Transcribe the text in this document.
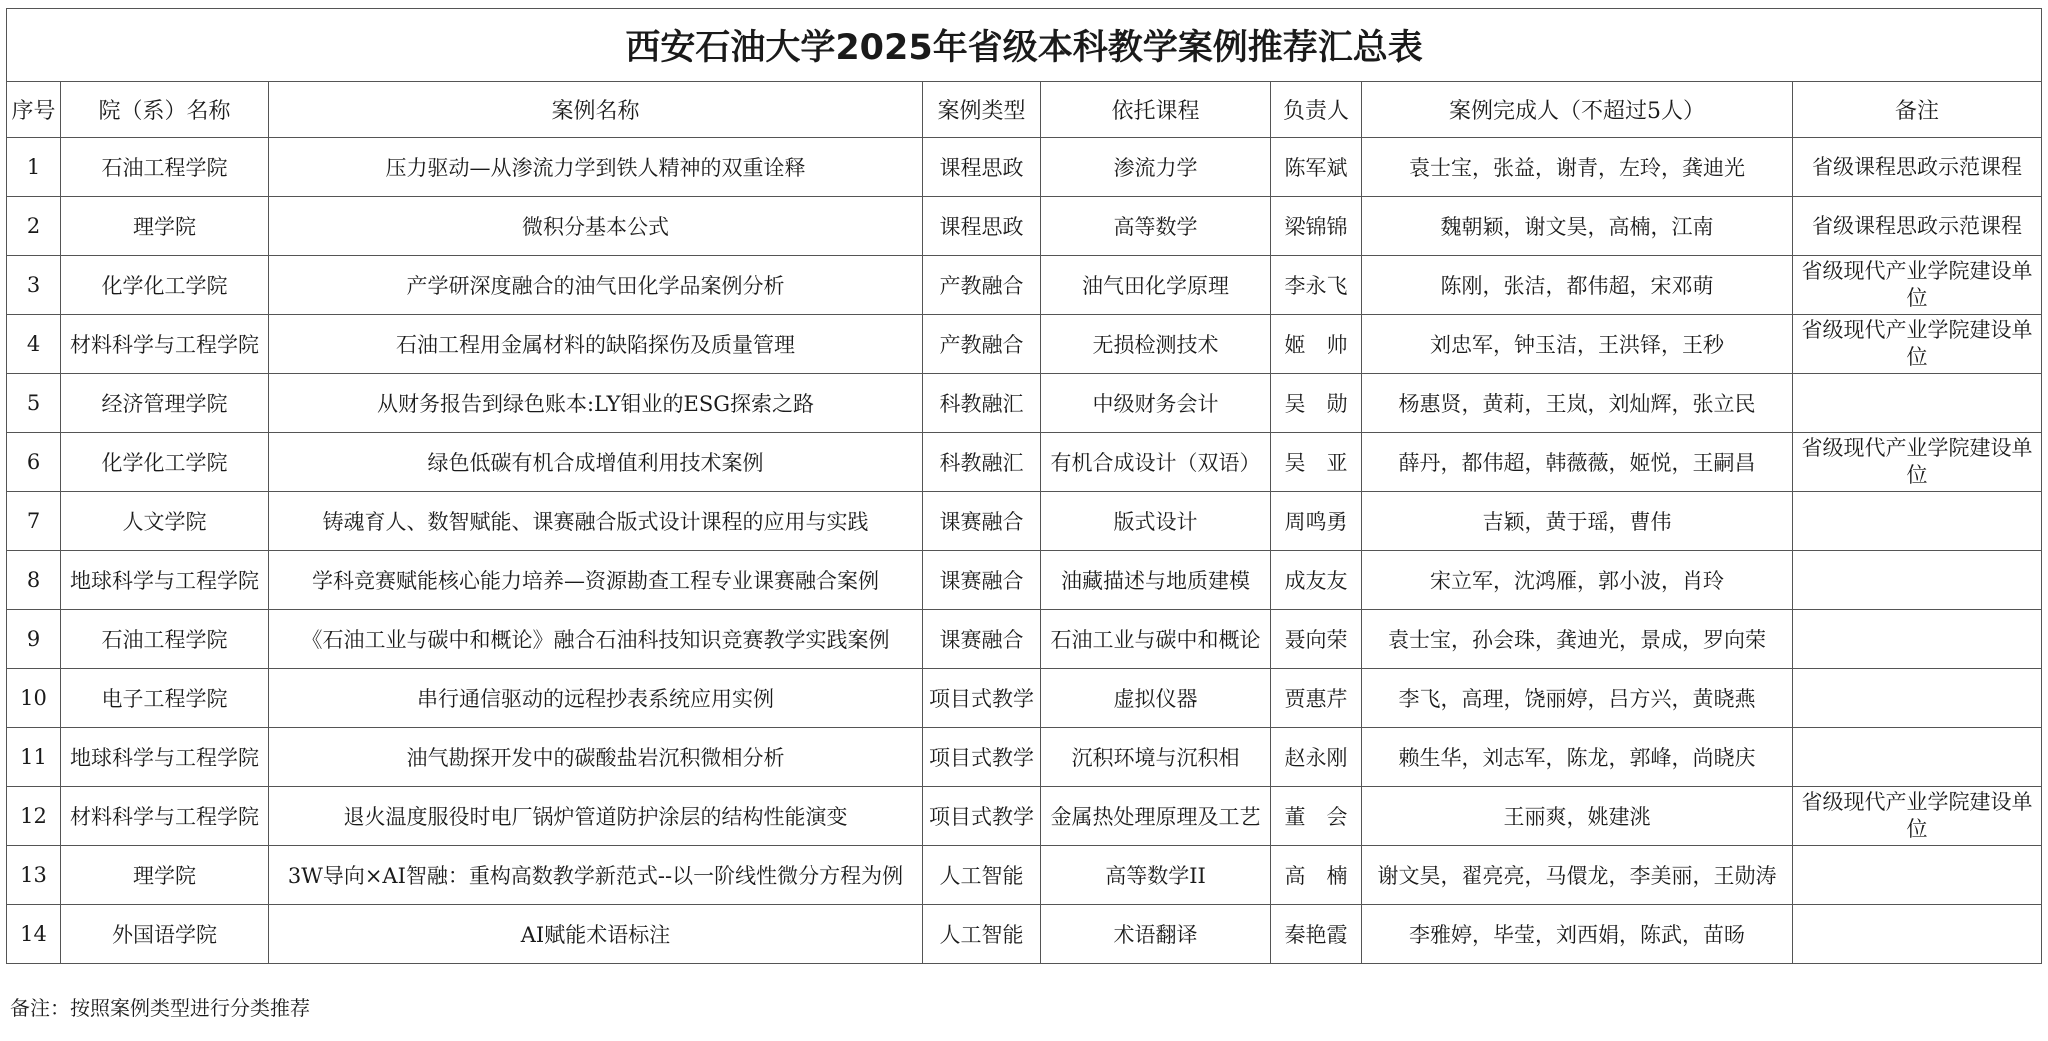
西安石油大学2025年省级本科教学案例推荐汇总表							
序号	院（系）名称	案例名称	案例类型	依托课程	负责人	案例完成人（不超过5人）	备注
1	石油工程学院	压力驱动—从渗流力学到铁人精神的双重诠释	课程思政	渗流力学	陈军斌	袁士宝，张益，谢青，左玲，龚迪光	省级课程思政示范课程
2	理学院	微积分基本公式	课程思政	高等数学	梁锦锦	魏朝颖，谢文昊，高楠，江南	省级课程思政示范课程
3	化学化工学院	产学研深度融合的油气田化学品案例分析	产教融合	油气田化学原理	李永飞	陈刚，张洁，都伟超，宋邓萌	省级现代产业学院建设单位
4	材料科学与工程学院	石油工程用金属材料的缺陷探伤及质量管理	产教融合	无损检测技术	姬　帅	刘忠军，钟玉洁，王洪铎，王秒	省级现代产业学院建设单位
5	经济管理学院	从财务报告到绿色账本:LY钼业的ESG探索之路	科教融汇	中级财务会计	吴　勋	杨惠贤，黄莉，王岚，刘灿辉，张立民	
6	化学化工学院	绿色低碳有机合成增值利用技术案例	科教融汇	有机合成设计（双语）	吴　亚	薛丹，都伟超，韩薇薇，姬悦，王嗣昌	省级现代产业学院建设单位
7	人文学院	铸魂育人、数智赋能、课赛融合版式设计课程的应用与实践	课赛融合	版式设计	周鸣勇	吉颖，黄于瑶，曹伟	
8	地球科学与工程学院	学科竞赛赋能核心能力培养—资源勘查工程专业课赛融合案例	课赛融合	油藏描述与地质建模	成友友	宋立军，沈鸿雁，郭小波，肖玲	
9	石油工程学院	《石油工业与碳中和概论》融合石油科技知识竞赛教学实践案例	课赛融合	石油工业与碳中和概论	聂向荣	袁士宝，孙会珠，龚迪光，景成，罗向荣	
10	电子工程学院	串行通信驱动的远程抄表系统应用实例	项目式教学	虚拟仪器	贾惠芹	李飞，高理，饶丽婷，吕方兴，黄晓燕	
11	地球科学与工程学院	油气勘探开发中的碳酸盐岩沉积微相分析	项目式教学	沉积环境与沉积相	赵永刚	赖生华，刘志军，陈龙，郭峰，尚晓庆	
12	材料科学与工程学院	退火温度服役时电厂锅炉管道防护涂层的结构性能演变	项目式教学	金属热处理原理及工艺	董　会	王丽爽，姚建洮	省级现代产业学院建设单位
13	理学院	3W导向×AI智融：重构高数教学新范式--以一阶线性微分方程为例	人工智能	高等数学II	高　楠	谢文昊，翟亮亮，马儇龙，李美丽，王勋涛	
14	外国语学院	AI赋能术语标注	人工智能	术语翻译	秦艳霞	李雅婷，毕莹，刘西娟，陈武，苗旸	
备注：按照案例类型进行分类推荐
